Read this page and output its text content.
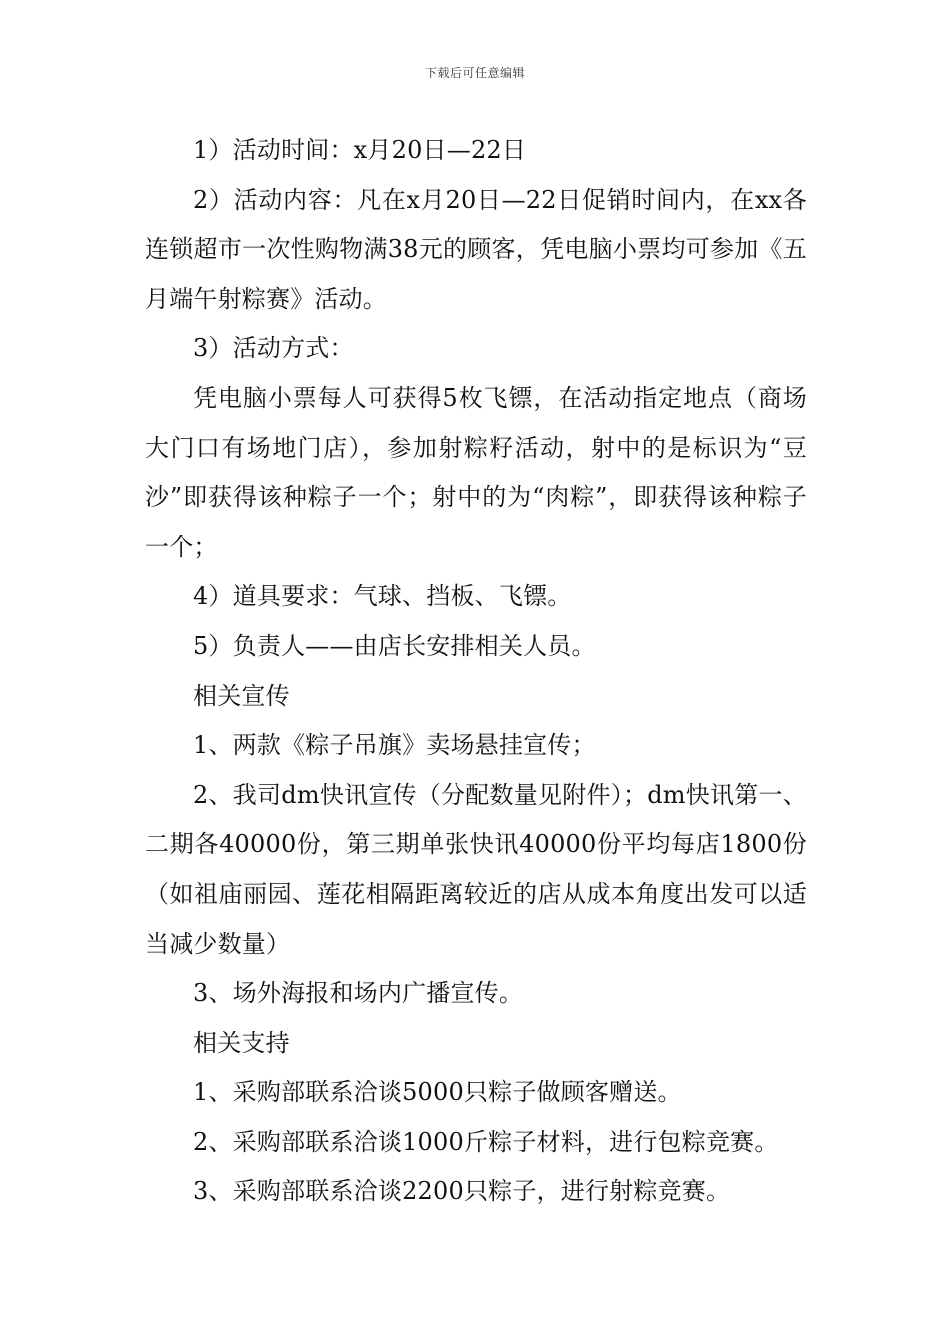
下载后可任意编辑

1）活动时间：x月20日—22日

2）活动内容：凡在x月20日—22日促销时间内，在xx各连锁超市一次性购物满38元的顾客，凭电脑小票均可参加《五月端午射粽赛》活动。

3）活动方式：

凭电脑小票每人可获得5枚飞镖，在活动指定地点（商场大门口有场地门店），参加射粽籽活动，射中的是标识为“豆沙”即获得该种粽子一个；射中的为“肉粽”，即获得该种粽子一个；

4）道具要求：气球、挡板、飞镖。

5）负责人——由店长安排相关人员。

相关宣传

1、两款《粽子吊旗》卖场悬挂宣传；

2、我司dm快讯宣传（分配数量见附件）；dm快讯第一、二期各40000份，第三期单张快讯40000份平均每店1800份（如祖庙丽园、莲花相隔距离较近的店从成本角度出发可以适当减少数量）

3、场外海报和场内广播宣传。

相关支持

1、采购部联系洽谈5000只粽子做顾客赠送。

2、采购部联系洽谈1000斤粽子材料，进行包粽竞赛。

3、采购部联系洽谈2200只粽子，进行射粽竞赛。
